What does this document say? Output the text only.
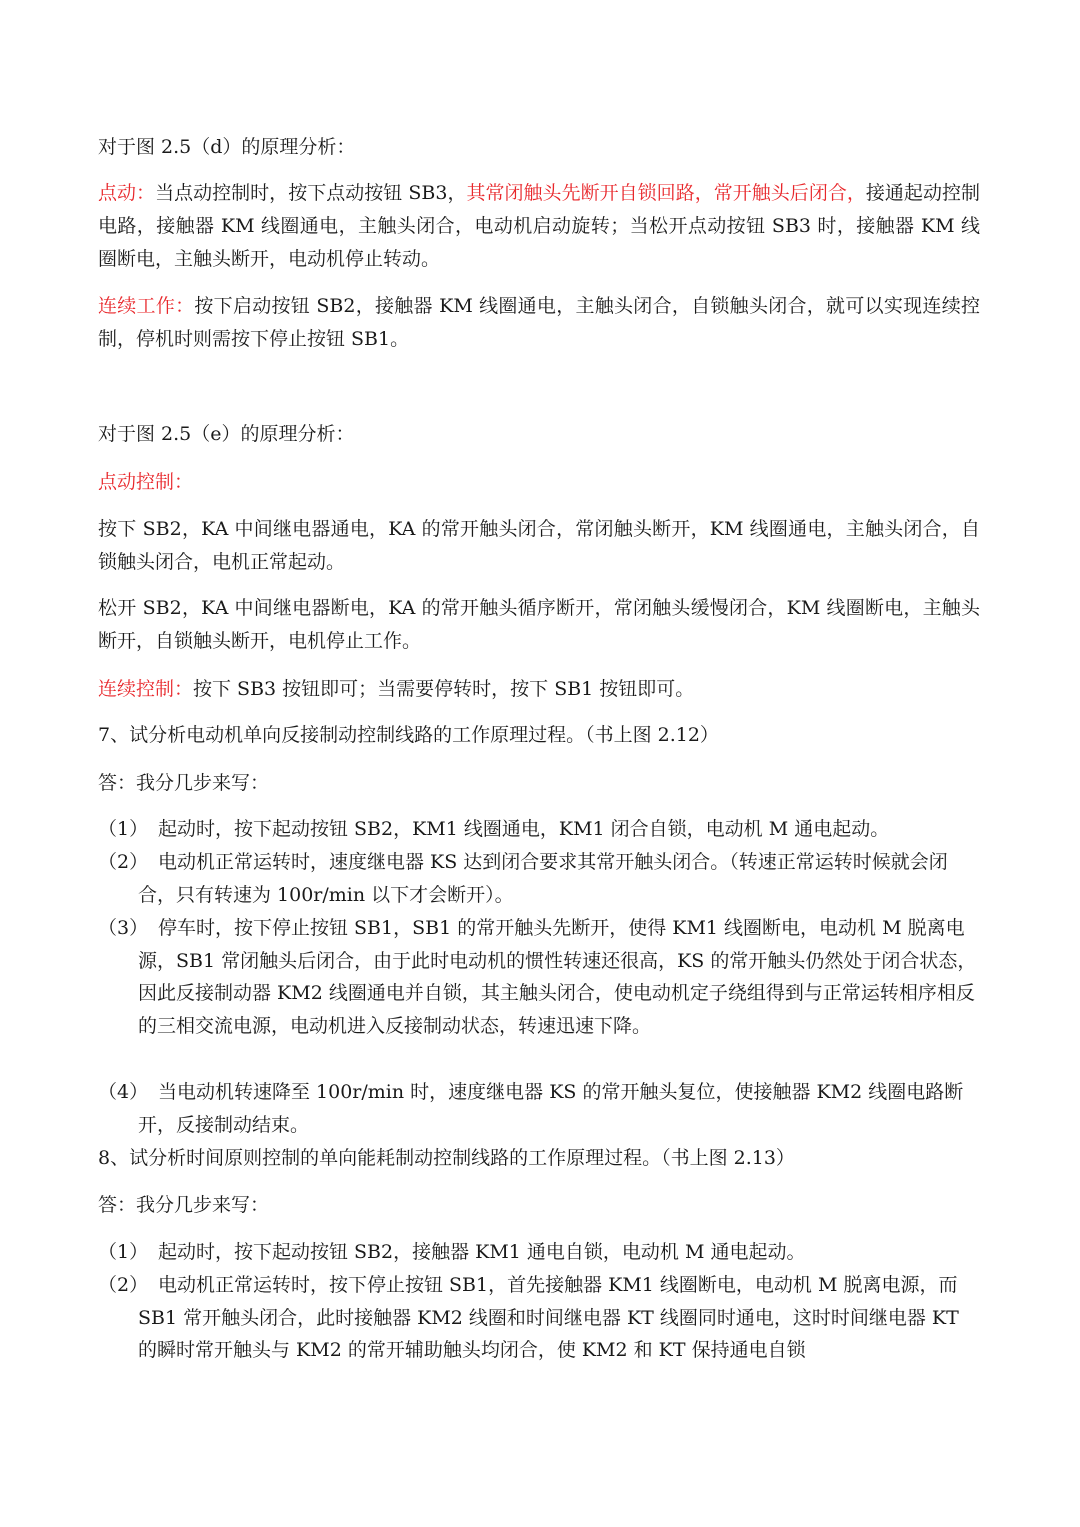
对于图 2.5（d）的原理分析：

点动：当点动控制时，按下点动按钮 SB3，其常闭触头先断开自锁回路，常开触头后闭合，接通起动控制电路，接触器 KM 线圈通电，主触头闭合，电动机启动旋转；当松开点动按钮 SB3 时，接触器 KM 线圈断电，主触头断开，电动机停止转动。

连续工作：按下启动按钮 SB2，接触器 KM 线圈通电，主触头闭合，自锁触头闭合，就可以实现连续控制，停机时则需按下停止按钮 SB1。

对于图 2.5（e）的原理分析：

点动控制：

按下 SB2，KA 中间继电器通电，KA 的常开触头闭合，常闭触头断开，KM 线圈通电，主触头闭合，自锁触头闭合，电机正常起动。

松开 SB2，KA 中间继电器断电，KA 的常开触头循序断开，常闭触头缓慢闭合，KM 线圈断电，主触头断开，自锁触头断开，电机停止工作。

连续控制：按下 SB3 按钮即可；当需要停转时，按下 SB1 按钮即可。

7、试分析电动机单向反接制动控制线路的工作原理过程。（书上图 2.12）

答：我分几步来写：

（1） 起动时，按下起动按钮 SB2，KM1 线圈通电，KM1 闭合自锁，电动机 M 通电起动。
（2） 电动机正常运转时，速度继电器 KS 达到闭合要求其常开触头闭合。（转速正常运转时候就会闭合，只有转速为 100r/min 以下才会断开）。
（3） 停车时，按下停止按钮 SB1，SB1 的常开触头先断开，使得 KM1 线圈断电，电动机 M 脱离电源，SB1 常闭触头后闭合，由于此时电动机的惯性转速还很高，KS 的常开触头仍然处于闭合状态，因此反接制动器 KM2 线圈通电并自锁，其主触头闭合，使电动机定子绕组得到与正常运转相序相反的三相交流电源，电动机进入反接制动状态，转速迅速下降。
（4） 当电动机转速降至 100r/min 时，速度继电器 KS 的常开触头复位，使接触器 KM2 线圈电路断开，反接制动结束。

8、试分析时间原则控制的单向能耗制动控制线路的工作原理过程。（书上图 2.13）

答：我分几步来写：

（1） 起动时，按下起动按钮 SB2，接触器 KM1 通电自锁，电动机 M 通电起动。
（2） 电动机正常运转时，按下停止按钮 SB1，首先接触器 KM1 线圈断电，电动机 M 脱离电源，而 SB1 常开触头闭合，此时接触器 KM2 线圈和时间继电器 KT 线圈同时通电，这时时间继电器 KT 的瞬时常开触头与 KM2 的常开辅助触头均闭合，使 KM2 和 KT 保持通电自锁
